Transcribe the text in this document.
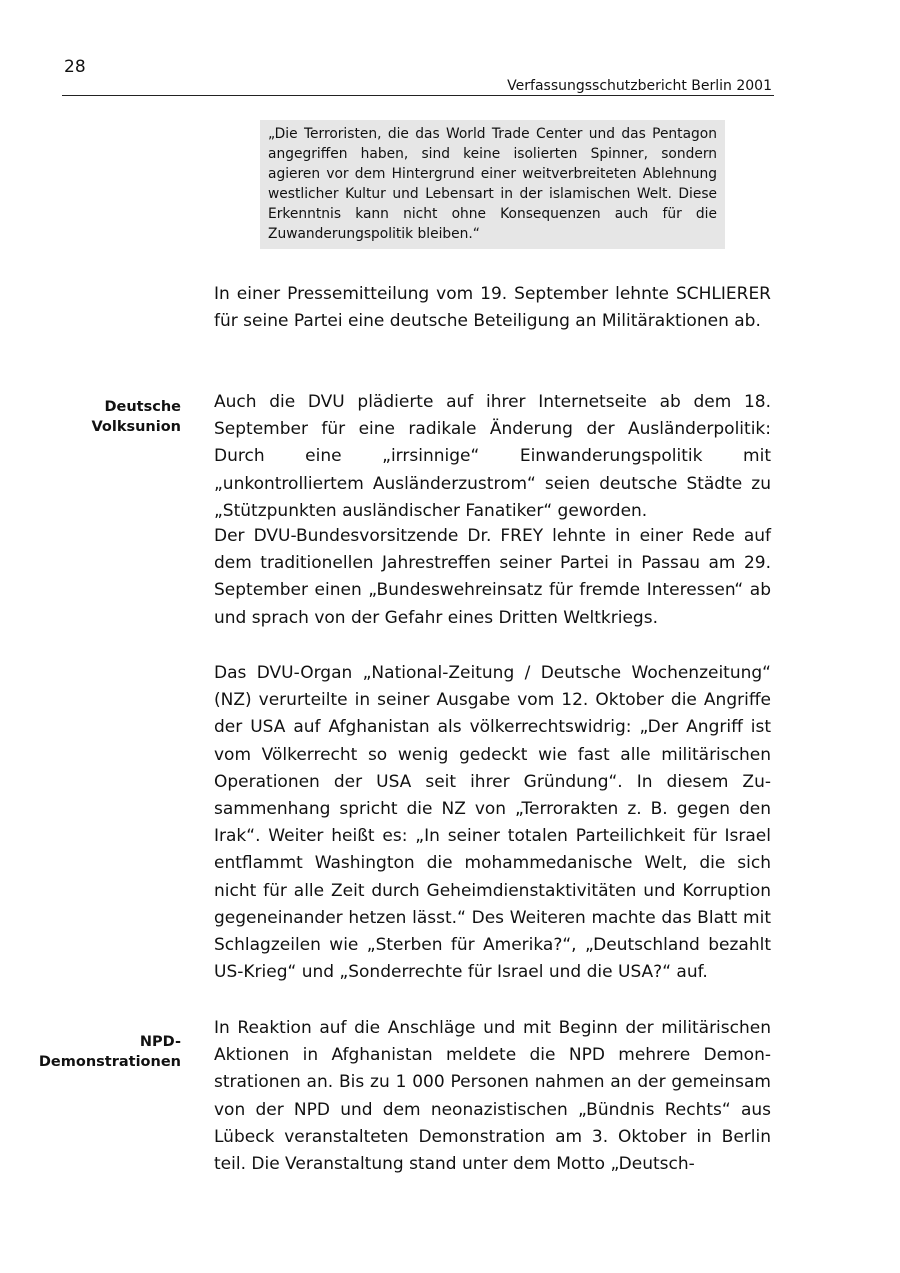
28
Verfassungsschutzbericht Berlin 2001
„Die Terroristen, die das World Trade Center und das Pentagon angegriffen haben, sind keine isolierten Spinner, sondern agieren vor dem Hintergrund einer weitverbreiteten Ablehnung westlicher Kultur und Lebensart in der islamischen Welt. Diese Erkenntnis kann nicht ohne Konsequenzen auch für die Zuwanderungspolitik bleiben.“

In einer Pressemitteilung vom 19. September lehnte SCHLIERER für seine Partei eine deutsche Beteiligung an Militäraktionen ab.

Deutsche
Volksunion

Auch die DVU plädierte auf ihrer Internetseite ab dem 18. September für eine radikale Änderung der Ausländerpolitik: Durch eine „irrsinnige“ Einwanderungspolitik mit „unkontrolliertem Ausländerzustrom“ seien deutsche Städte zu „Stützpunkten ausländischer Fanatiker“ geworden.

Der DVU-Bundesvorsitzende Dr. FREY lehnte in einer Rede auf dem traditionellen Jahrestreffen seiner Partei in Passau am 29. September einen „Bundeswehreinsatz für fremde Interessen“ ab und sprach von der Gefahr eines Dritten Weltkriegs.

Das DVU-Organ „National-Zeitung / Deutsche Wochenzeitung“ (NZ) verurteilte in seiner Ausgabe vom 12. Oktober die Angriffe der USA auf Afghanistan als völkerrechtswidrig: „Der Angriff ist vom Völkerrecht so wenig gedeckt wie fast alle militärischen Operationen der USA seit ihrer Gründung“. In diesem Zusammenhang spricht die NZ von „Terrorakten z. B. gegen den Irak“. Weiter heißt es: „In seiner totalen Parteilichkeit für Israel entflammt Washington die mohammedanische Welt, die sich nicht für alle Zeit durch Geheimdienstaktivitäten und Korruption gegeneinander hetzen lässt.“ Des Weiteren machte das Blatt mit Schlagzeilen wie „Sterben für Amerika?“, „Deutschland bezahlt US-Krieg“ und „Sonderrechte für Israel und die USA?“ auf.

NPD-
Demonstrationen

In Reaktion auf die Anschläge und mit Beginn der militärischen Aktionen in Afghanistan meldete die NPD mehrere Demonstrationen an. Bis zu 1 000 Personen nahmen an der gemeinsam von der NPD und dem neonazistischen „Bündnis Rechts“ aus Lübeck veranstalteten Demonstration am 3. Oktober in Berlin teil. Die Veranstaltung stand unter dem Motto „Deutsch-
